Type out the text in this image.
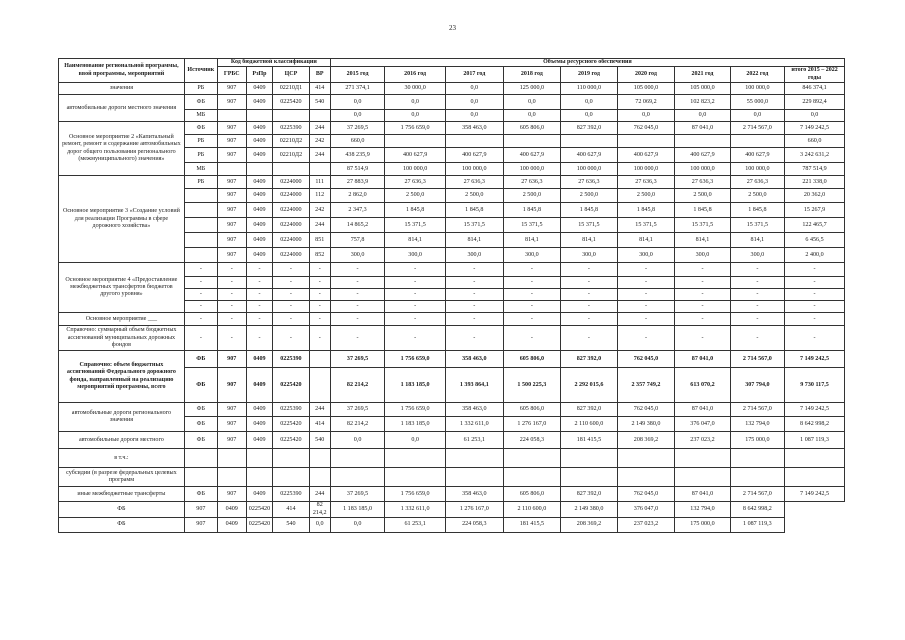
23
Наименование региональной программы, ввой программы, мероприятий	Источник	Код бюджетной классификации				Объемы ресурсного обеспечения								
		ГРБС	РзПр	ЦСР	ВР	2015 год	2016 год	2017 год	2018 год	2019 год	2020 год	2021 год	2022 год	итого 2015 – 2022 годы
значения	РБ	907	0409	02210Д1	414	271 374,1	30 000,0	0,0	125 000,0	110 000,0	105 000,0	105 000,0	100 000,0	846 374,1
автомобильные дороги местного значения	ФБ	907	0409	0225420	540	0,0	0,0	0,0	0,0	0,0	72 069,2	102 823,2	55 000,0	229 892,4
	МБ					0,0	0,0	0,0	0,0	0,0	0,0	0,0	0,0	0,0
Основное мероприятие 2 «Капитальный ремонт, ремонт и содержание автомобильных дорог общего пользования регионального (межмуниципального) значения»	ФБ	907	0409	0225390	244	37 269,5	1 756 659,0	358 463,0	605 806,0	827 392,0	762 045,0	87 041,0	2 714 567,0	7 149 242,5
	РБ	907	0409	02210Д2	242	660,0								660,0
	РБ	907	0409	02210Д2	244	438 235,9	400 627,9	400 627,9	400 627,9	400 627,9	400 627,9	400 627,9	400 627,9	3 242 631,2
	МБ					87 514,9	100 000,0	100 000,0	100 000,0	100 000,0	100 000,0	100 000,0	100 000,0	787 514,9
Основное мероприятие 3 «Создание условий для реализации Программы в сфере дорожного хозяйства»	РБ	907	0409	0224000	111	27 883,9	27 636,3	27 636,3	27 636,3	27 636,3	27 636,3	27 636,3	27 636,3	221 338,0
		907	0409	0224000	112	2 862,0	2 500,0	2 500,0	2 500,0	2 500,0	2 500,0	2 500,0	2 500,0	20 362,0
		907	0409	0224000	242	2 347,3	1 845,8	1 845,8	1 845,8	1 845,8	1 845,8	1 845,8	1 845,8	15 267,9
		907	0409	0224000	244	14 865,2	15 371,5	15 371,5	15 371,5	15 371,5	15 371,5	15 371,5	15 371,5	122 465,7
		907	0409	0224000	851	757,8	814,1	814,1	814,1	814,1	814,1	814,1	814,1	6 456,5
		907	0409	0224000	852	300,0	300,0	300,0	300,0	300,0	300,0	300,0	300,0	2 400,0
Основное мероприятие 4 «Предоставление межбюджетных трансфертов бюджетов другого уровня»	-	-	-	-	-	-	-	-	-	-	-	-	-	-
	-	-	-	-	-	-	-	-	-	-	-	-	-	-
	-	-	-	-	-	-	-	-	-	-	-	-	-	-
	-	-	-	-	-	-	-	-	-	-	-	-	-	-
Основное мероприятие ___	-	-	-	-	-	-	-	-	-	-	-	-	-	-
Справочно: суммарный объем бюджетных ассигнований муниципальных дорожных фондов	-	-	-	-	-	-	-	-	-	-	-	-	-	-
Справочно: объем бюджетных ассигнований Федерального дорожного фонда, направленный на реализацию мероприятий программы, всего	ФБ	907	0409	0225390		37 269,5	1 756 659,0	358 463,0	605 806,0	827 392,0	762 045,0	87 041,0	2 714 567,0	7 149 242,5
	ФБ	907	0409	0225420		82 214,2	1 183 185,0	1 393 864,1	1 500 225,3	2 292 015,6	2 357 749,2	613 070,2	307 794,0	9 730 117,5
автомобильные дороги регионального значения	ФБ	907	0409	0225390	244	37 269,5	1 756 659,0	358 463,0	605 806,0	827 392,0	762 045,0	87 041,0	2 714 567,0	7 149 242,5
	ФБ	907	0409	0225420	414	82 214,2	1 183 185,0	1 332 611,0	1 276 167,0	2 110 600,0	2 149 380,0	376 047,0	132 794,0	8 642 998,2
автомобильные дороги местного	ФБ	907	0409	0225420	540	0,0	0,0	61 253,1	224 058,3	181 415,5	208 369,2	237 023,2	175 000,0	1 087 119,3
в т.ч.:														
субсидии (в разрезе федеральных целевых программ														
иные межбюджетные трансферты	ФБ	907	0409	0225390	244	37 269,5	1 756 659,0	358 463,0	605 806,0	827 392,0	762 045,0	87 041,0	2 714 567,0	7 149 242,5
ФБ	907	0409	0225420	414	82 214,2	1 183 185,0	1 332 611,0	1 276 167,0	2 110 600,0	2 149 380,0	376 047,0	132 794,0	8 642 998,2	
ФБ	907	0409	0225420	540	0,0	0,0	61 253,1	224 058,3	181 415,5	208 369,2	237 023,2	175 000,0	1 087 119,3	
